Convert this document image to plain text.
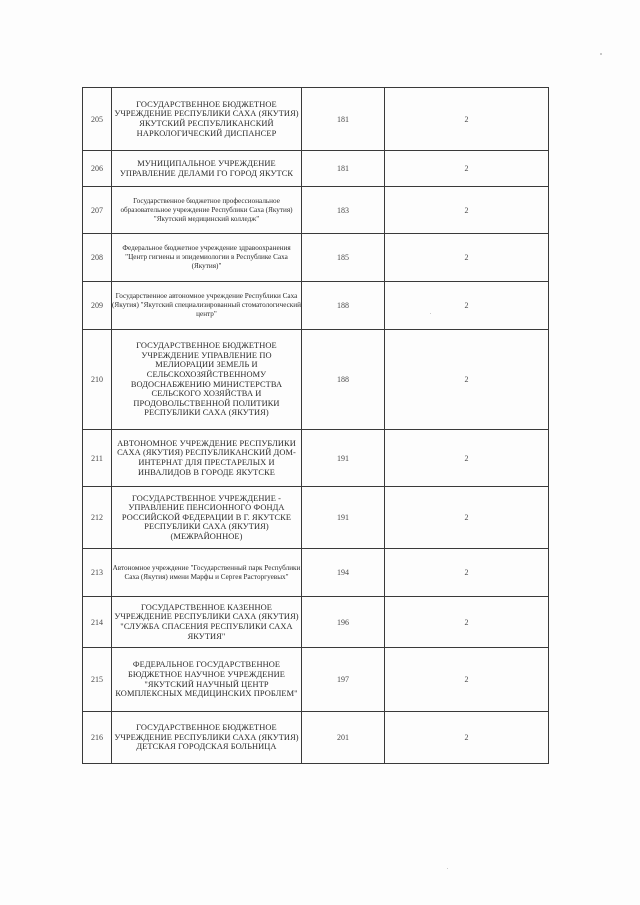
205	ГОСУДАРСТВЕННОЕ БЮДЖЕТНОЕ УЧРЕЖДЕНИЕ РЕСПУБЛИКИ САХА (ЯКУТИЯ) ЯКУТСКИЙ РЕСПУБЛИКАНСКИЙ НАРКОЛОГИЧЕСКИЙ ДИСПАНСЕР	181	2
206	МУНИЦИПАЛЬНОЕ УЧРЕЖДЕНИЕ УПРАВЛЕНИЕ ДЕЛАМИ ГО ГОРОД ЯКУТСК	181	2
207	Государственное бюджетное профессиональное образовательное учреждение Республики Саха (Якутия) "Якутский медицинский колледж"	183	2
208	Федеральное бюджетное учреждение здравоохранения "Центр гигиены и эпидемиологии в Республике Саха (Якутия)"	185	2
209	Государственное автономное учреждение Республики Саха (Якутия) "Якутский специализированный стоматологический центр"	188	2
210	ГОСУДАРСТВЕННОЕ БЮДЖЕТНОЕ УЧРЕЖДЕНИЕ УПРАВЛЕНИЕ ПО МЕЛИОРАЦИИ ЗЕМЕЛЬ И СЕЛЬСКОХОЗЯЙСТВЕННОМУ ВОДОСНАБЖЕНИЮ МИНИСТЕРСТВА СЕЛЬСКОГО ХОЗЯЙСТВА И ПРОДОВОЛЬСТВЕННОЙ ПОЛИТИКИ РЕСПУБЛИКИ САХА (ЯКУТИЯ)	188	2
211	АВТОНОМНОЕ УЧРЕЖДЕНИЕ РЕСПУБЛИКИ САХА (ЯКУТИЯ) РЕСПУБЛИКАНСКИЙ ДОМ-ИНТЕРНАТ ДЛЯ ПРЕСТАРЕЛЫХ И ИНВАЛИДОВ В ГОРОДЕ ЯКУТСКЕ	191	2
212	ГОСУДАРСТВЕННОЕ УЧРЕЖДЕНИЕ - УПРАВЛЕНИЕ ПЕНСИОННОГО ФОНДА РОССИЙСКОЙ ФЕДЕРАЦИИ В Г. ЯКУТСКЕ РЕСПУБЛИКИ САХА (ЯКУТИЯ) (МЕЖРАЙОННОЕ)	191	2
213	Автономное учреждение "Государственный парк Республики Саха (Якутия) имени Марфы и Сергея Расторгуевых"	194	2
214	ГОСУДАРСТВЕННОЕ КАЗЕННОЕ УЧРЕЖДЕНИЕ РЕСПУБЛИКИ САХА (ЯКУТИЯ) "СЛУЖБА СПАСЕНИЯ РЕСПУБЛИКИ САХА ЯКУТИЯ"	196	2
215	ФЕДЕРАЛЬНОЕ ГОСУДАРСТВЕННОЕ БЮДЖЕТНОЕ НАУЧНОЕ УЧРЕЖДЕНИЕ "ЯКУТСКИЙ НАУЧНЫЙ ЦЕНТР КОМПЛЕКСНЫХ МЕДИЦИНСКИХ ПРОБЛЕМ"	197	2
216	ГОСУДАРСТВЕННОЕ БЮДЖЕТНОЕ УЧРЕЖДЕНИЕ РЕСПУБЛИКИ САХА (ЯКУТИЯ) ДЕТСКАЯ ГОРОДСКАЯ БОЛЬНИЦА	201	2
